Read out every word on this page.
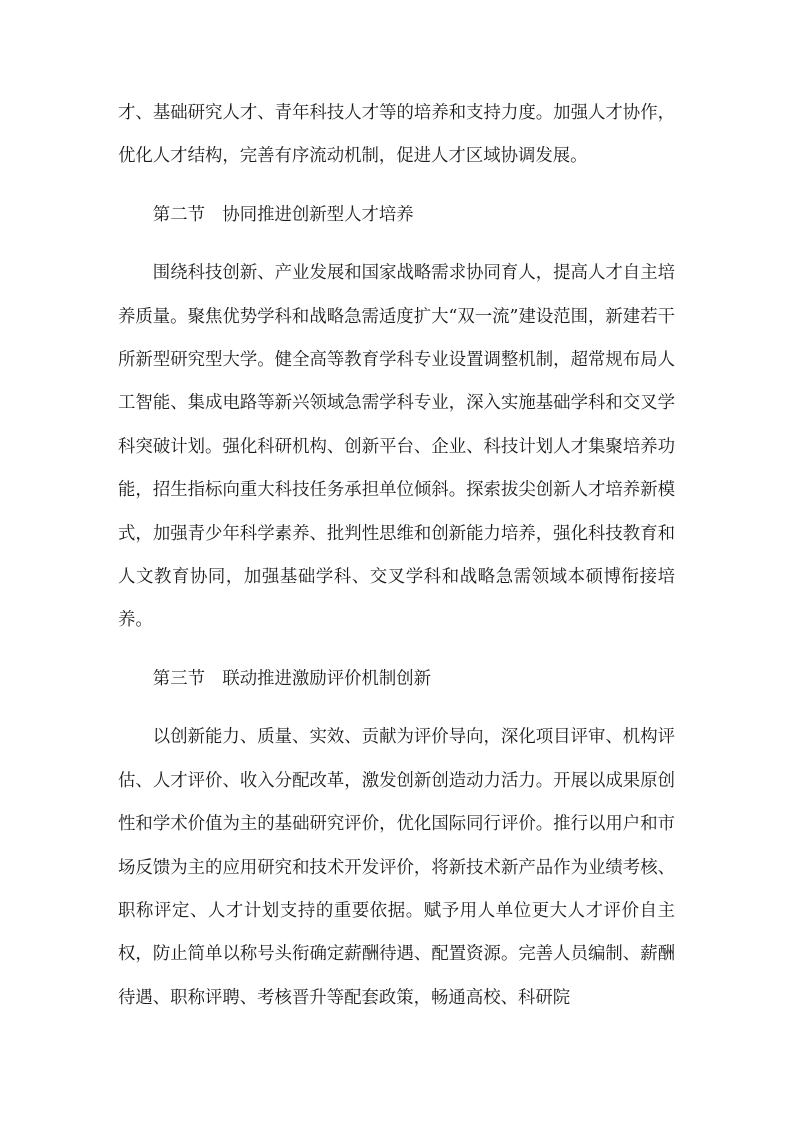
才、基础研究人才、青年科技人才等的培养和支持力度。加强人才协作，优化人才结构，完善有序流动机制，促进人才区域协调发展。

第二节　协同推进创新型人才培养

围绕科技创新、产业发展和国家战略需求协同育人，提高人才自主培养质量。聚焦优势学科和战略急需适度扩大“双一流”建设范围，新建若干所新型研究型大学。健全高等教育学科专业设置调整机制，超常规布局人工智能、集成电路等新兴领域急需学科专业，深入实施基础学科和交叉学科突破计划。强化科研机构、创新平台、企业、科技计划人才集聚培养功能，招生指标向重大科技任务承担单位倾斜。探索拔尖创新人才培养新模式，加强青少年科学素养、批判性思维和创新能力培养，强化科技教育和人文教育协同，加强基础学科、交叉学科和战略急需领域本硕博衔接培养。

第三节　联动推进激励评价机制创新

以创新能力、质量、实效、贡献为评价导向，深化项目评审、机构评估、人才评价、收入分配改革，激发创新创造动力活力。开展以成果原创性和学术价值为主的基础研究评价，优化国际同行评价。推行以用户和市场反馈为主的应用研究和技术开发评价，将新技术新产品作为业绩考核、职称评定、人才计划支持的重要依据。赋予用人单位更大人才评价自主权，防止简单以称号头衔确定薪酬待遇、配置资源。完善人员编制、薪酬待遇、职称评聘、考核晋升等配套政策，畅通高校、科研院
